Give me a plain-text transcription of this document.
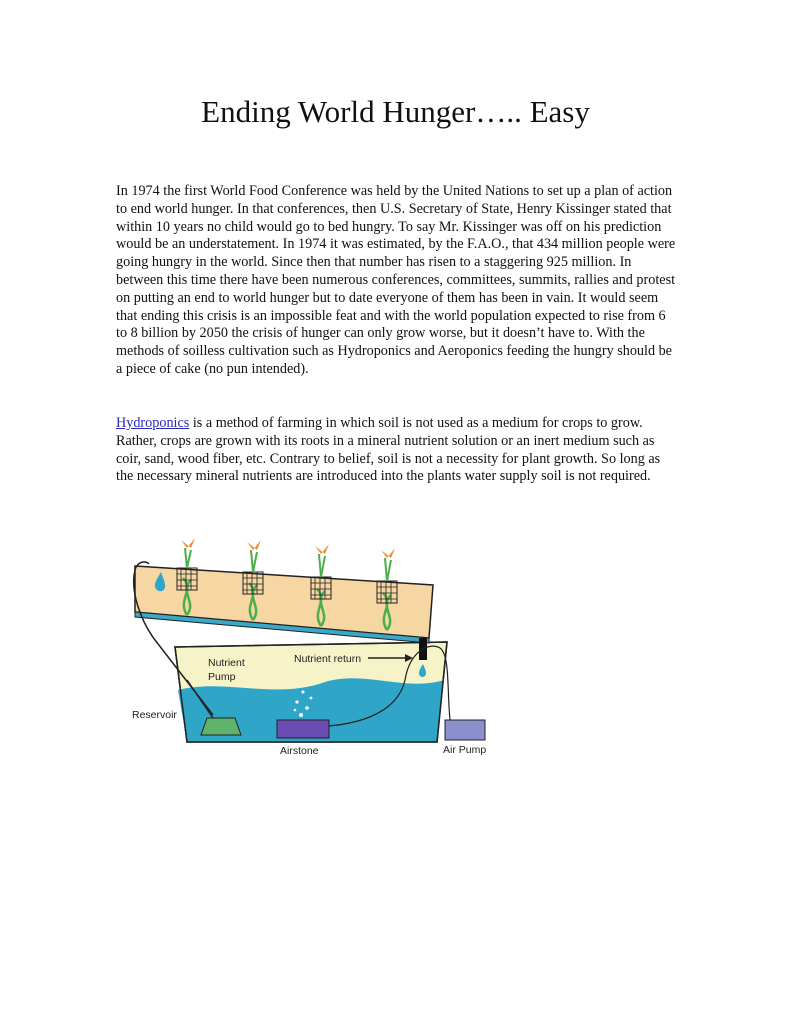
Ending World Hunger….. Easy

In 1974 the first World Food Conference was held by the United Nations to set up a plan of action to end world hunger. In that conferences, then U.S. Secretary of State, Henry Kissinger stated that within 10 years no child would go to bed hungry. To say Mr. Kissinger was off on his prediction would be an understatement. In 1974 it was estimated, by the F.A.O., that 434 million people were going hungry in the world. Since then that number has risen to a staggering 925 million. In between this time there have been numerous conferences, committees, summits, rallies and protest on putting an end to world hunger but to date everyone of them has been in vain. It would seem that ending this crisis is an impossible feat and with the world population expected to rise from 6 to 8 billion by 2050 the crisis of hunger can only grow worse, but it doesn’t have to. With the methods of soilless cultivation such as Hydroponics and Aeroponics feeding the hungry should be a piece of cake (no pun intended).

Hydroponics is a method of farming in which soil is not used as a medium for crops to grow. Rather, crops are grown with its roots in a mineral nutrient solution or an inert medium such as coir, sand, wood fiber, etc. Contrary to belief, soil is not a necessity for plant growth. So long as the necessary mineral nutrients are introduced into the plants water supply soil is not required.

Nutrient
Pump
Nutrient return
Reservoir
Airstone	Air Pump
